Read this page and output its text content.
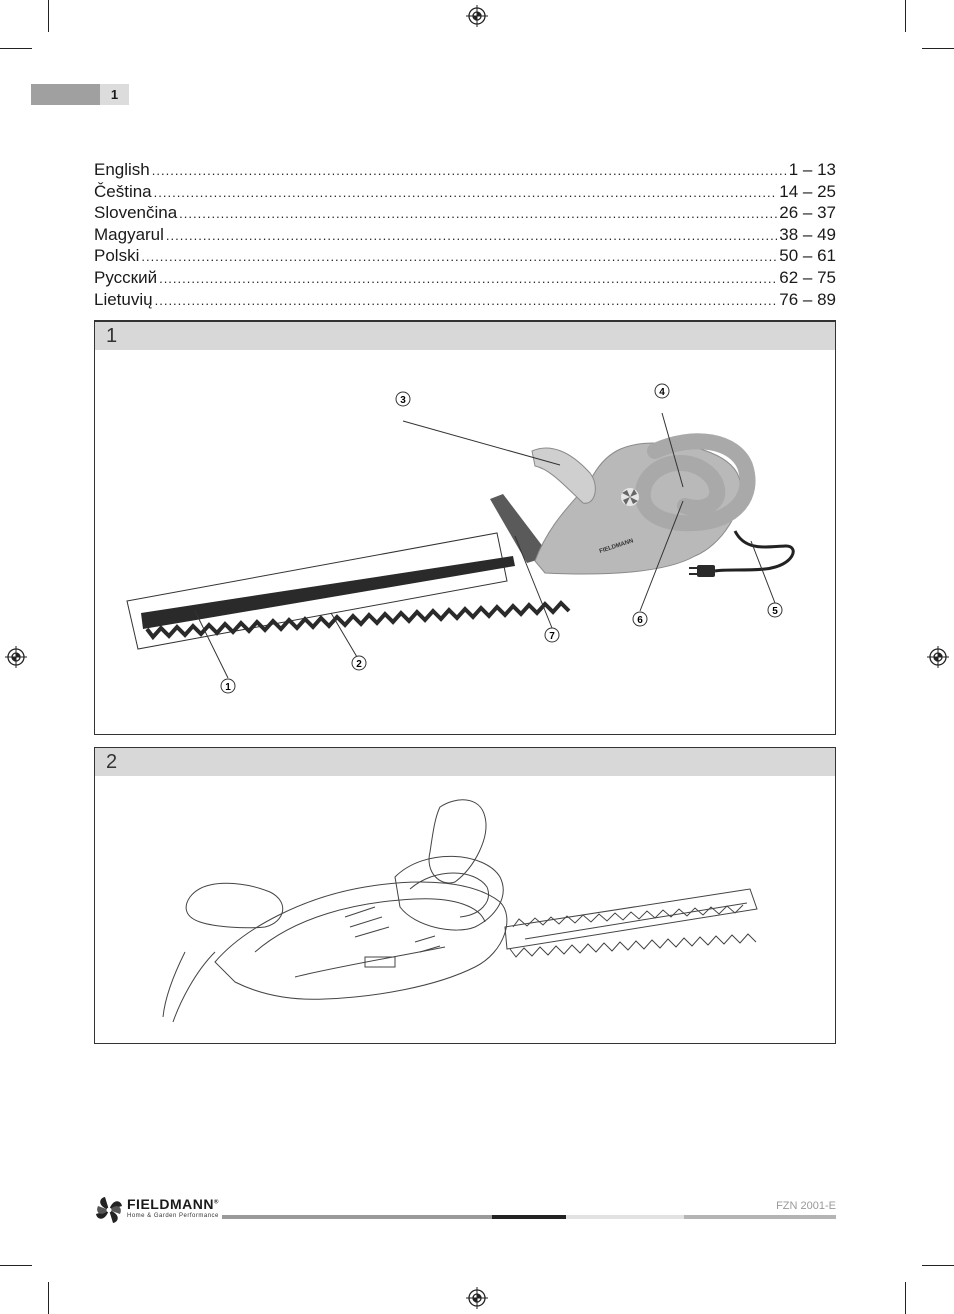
1
English .....	1 – 13
Čeština .....	14 – 25
Slovenčina .....	26 – 37
Magyarul .....	38 – 49
Polski .....	50 – 61
Русский .....	62 – 75
Lietuvių .....	76 – 89
1
FIELDMANN
1
2
3
4
5
6
7
2
FIELDMANN®
Home & Garden Performance
FZN 2001-E
